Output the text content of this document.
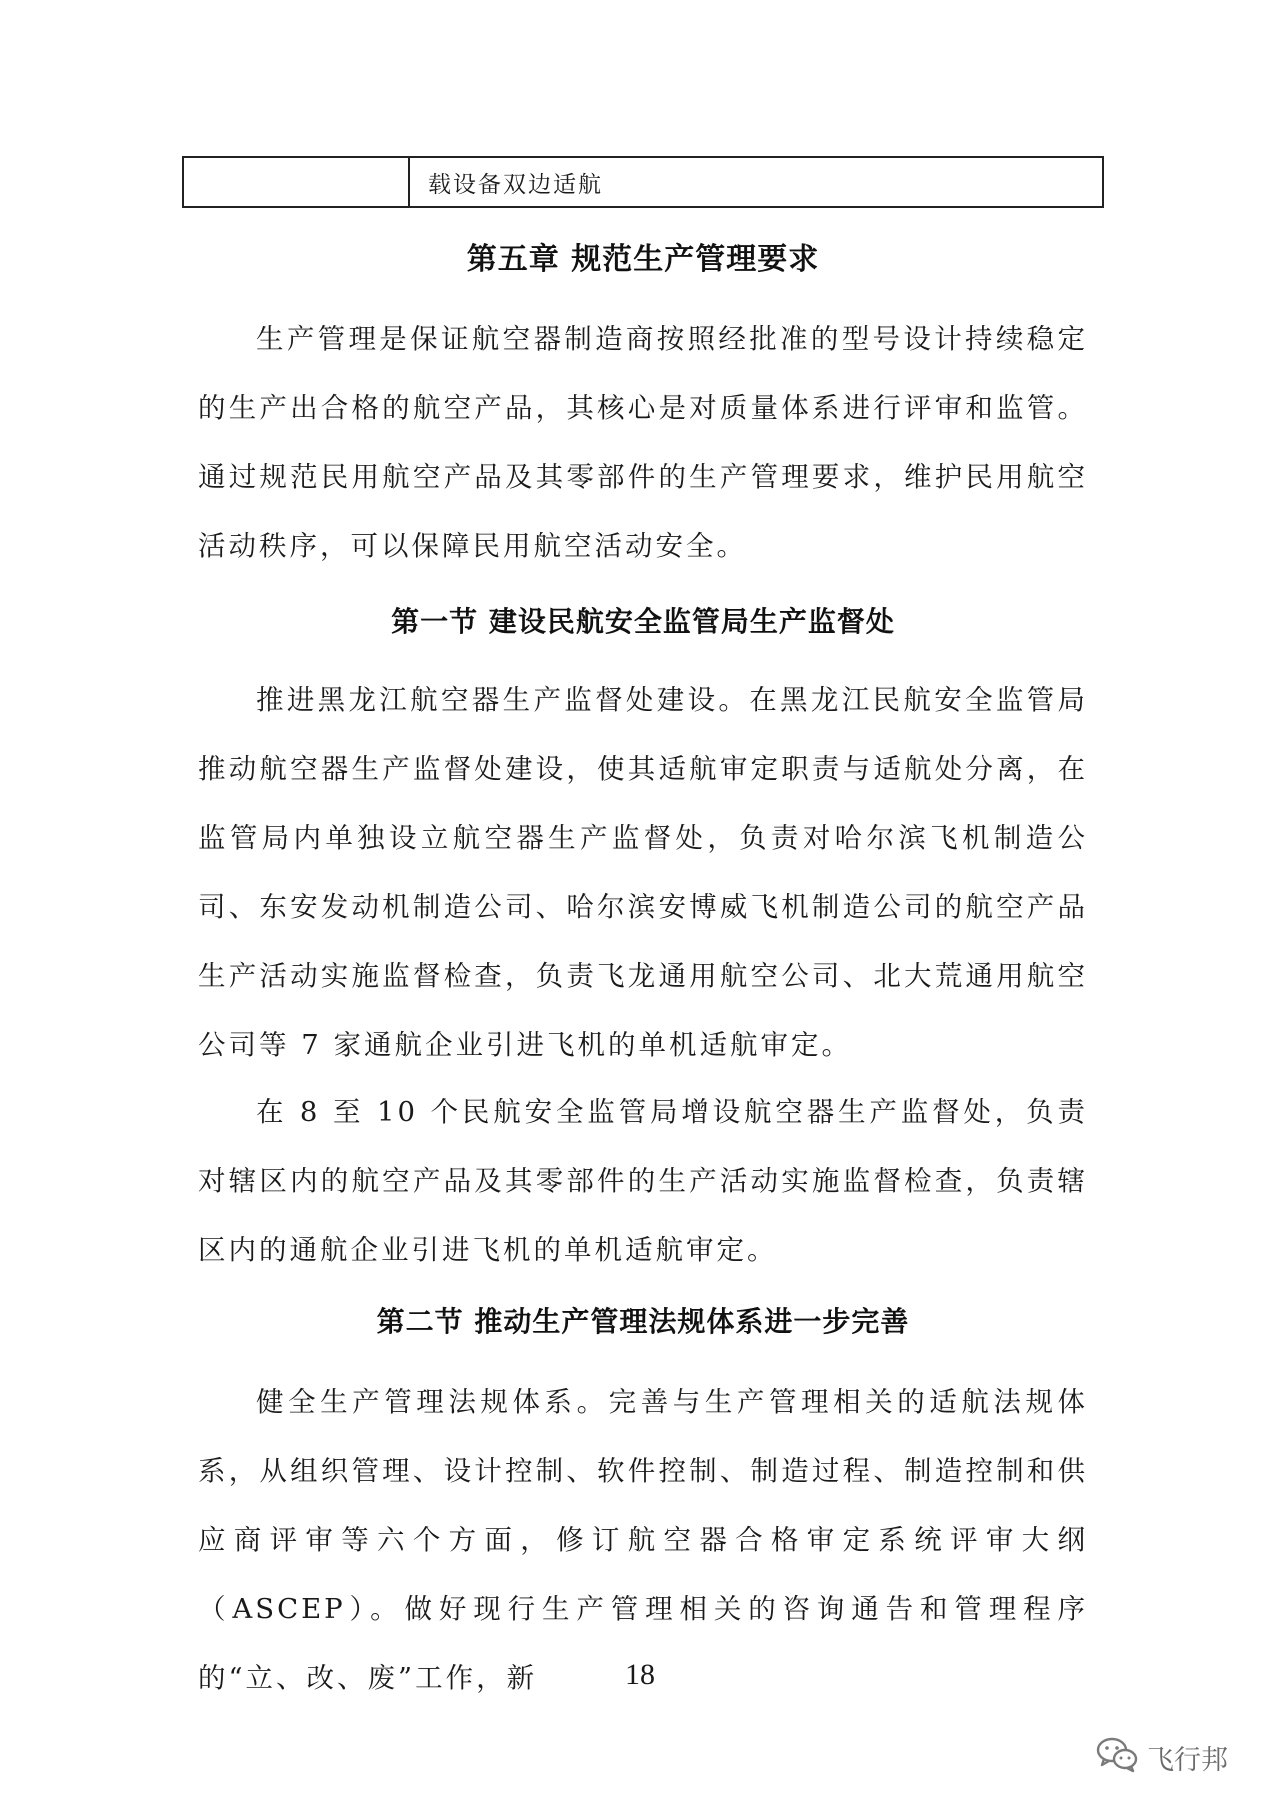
载设备双边适航
第五章 规范生产管理要求

生产管理是保证航空器制造商按照经批准的型号设计持续稳定的生产出合格的航空产品，其核心是对质量体系进行评审和监管。通过规范民用航空产品及其零部件的生产管理要求，维护民用航空活动秩序，可以保障民用航空活动安全。

第一节 建设民航安全监管局生产监督处

推进黑龙江航空器生产监督处建设。在黑龙江民航安全监管局推动航空器生产监督处建设，使其适航审定职责与适航处分离，在监管局内单独设立航空器生产监督处，负责对哈尔滨飞机制造公司、东安发动机制造公司、哈尔滨安博威飞机制造公司的航空产品生产活动实施监督检查，负责飞龙通用航空公司、北大荒通用航空公司等 7 家通航企业引进飞机的单机适航审定。

在 8 至 10 个民航安全监管局增设航空器生产监督处，负责对辖区内的航空产品及其零部件的生产活动实施监督检查，负责辖区内的通航企业引进飞机的单机适航审定。

第二节 推动生产管理法规体系进一步完善

健全生产管理法规体系。完善与生产管理相关的适航法规体系，从组织管理、设计控制、软件控制、制造过程、制造控制和供应商评审等六个方面，修订航空器合格审定系统评审大纲（ASCEP）。做好现行生产管理相关的咨询通告和管理程序的“立、改、废”工作，新	18
飞行邦
